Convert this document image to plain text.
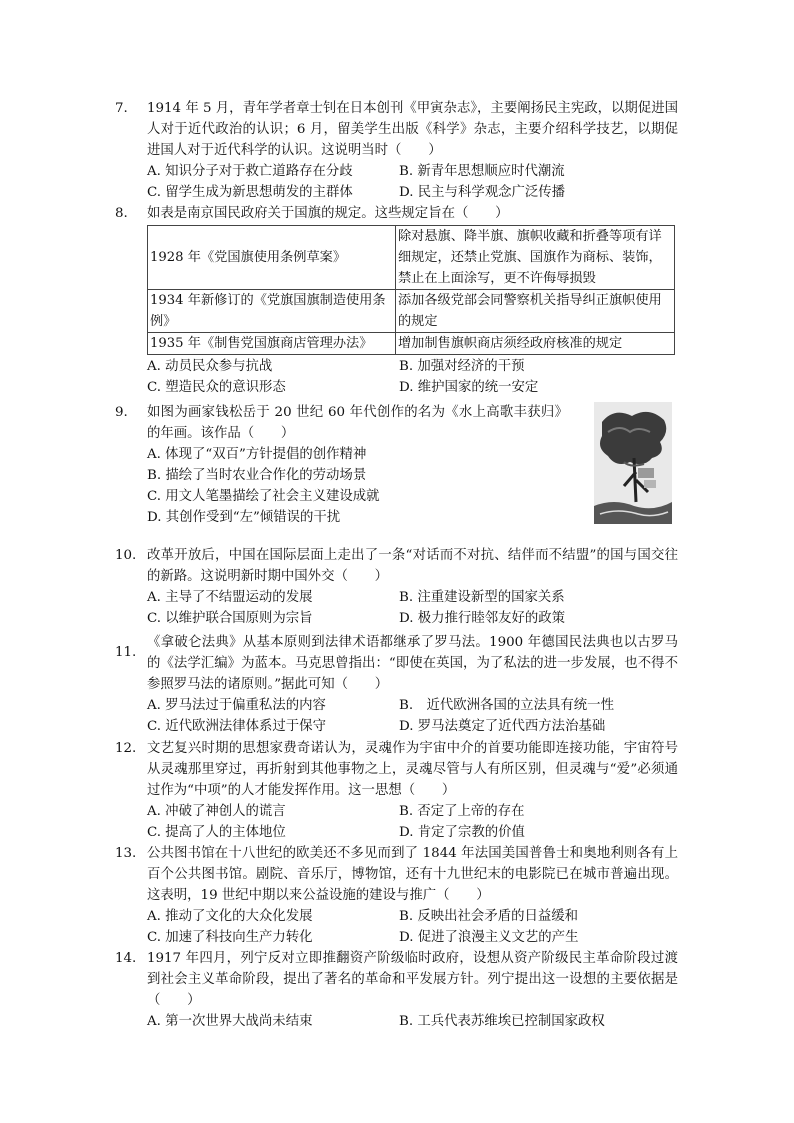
7.	1914 年 5 月，青年学者章士钊在日本创刊《甲寅杂志》，主要阐扬民主宪政，以期促进国人对于近代政治的认识；6 月，留美学生出版《科学》杂志，主要介绍科学技艺，以期促进国人对于近代科学的认识。这说明当时（　　）
A. 知识分子对于救亡道路存在分歧	B. 新青年思想顺应时代潮流
C. 留学生成为新思想萌发的主群体	D. 民主与科学观念广泛传播
8.	如表是南京国民政府关于国旗的规定。这些规定旨在（　　）
1928 年《党国旗使用条例草案》	除对悬旗、降半旗、旗帜收藏和折叠等项有详细规定，还禁止党旗、国旗作为商标、装饰，禁止在上面涂写，更不许侮辱损毁
1934 年新修订的《党旗国旗制造使用条例》	添加各级党部会同警察机关指导纠正旗帜使用的规定
1935 年《制售党国旗商店管理办法》	增加制售旗帜商店须经政府核准的规定
A. 动员民众参与抗战	B. 加强对经济的干预
C. 塑造民众的意识形态	D. 维护国家的统一安定
9.	如图为画家钱松岳于 20 世纪 60 年代创作的名为《水上高歌丰获归》的年画。该作品（　　）
A. 体现了“双百”方针提倡的创作精神
B. 描绘了当时农业合作化的劳动场景
C. 用文人笔墨描绘了社会主义建设成就
D. 其创作受到“左”倾错误的干扰
10. 改革开放后，中国在国际层面上走出了一条“对话而不对抗、结伴而不结盟”的国与国交往的新路。这说明新时期中国外交（　　）
A. 主导了不结盟运动的发展	B. 注重建设新型的国家关系
C. 以维护联合国原则为宗旨	D. 极力推行睦邻友好的政策
11.
《拿破仑法典》从基本原则到法律术语都继承了罗马法。1900 年德国民法典也以古罗马的《法学汇编》为蓝本。马克思曾指出：“即使在英国，为了私法的进一步发展，也不得不参照罗马法的诸原则。”据此可知（　　）
A. 罗马法过于偏重私法的内容	B.　近代欧洲各国的立法具有统一性
C. 近代欧洲法律体系过于保守	D. 罗马法奠定了近代西方法治基础
12. 文艺复兴时期的思想家费奇诺认为，灵魂作为宇宙中介的首要功能即连接功能，宇宙符号从灵魂那里穿过，再折射到其他事物之上，灵魂尽管与人有所区别，但灵魂与“爱”必须通过作为“中项”的人才能发挥作用。这一思想（　　）
A. 冲破了神创人的谎言	B. 否定了上帝的存在
C. 提高了人的主体地位	D. 肯定了宗教的价值
13. 公共图书馆在十八世纪的欧美还不多见而到了 1844 年法国美国普鲁士和奥地利则各有上百个公共图书馆。剧院、音乐厅，博物馆，还有十九世纪末的电影院已在城市普遍出现。这表明，19 世纪中期以来公益设施的建设与推广（　　）
A. 推动了文化的大众化发展	B. 反映出社会矛盾的日益缓和
C. 加速了科技向生产力转化	D. 促进了浪漫主义文艺的产生
14. 1917 年四月，列宁反对立即推翻资产阶级临时政府，设想从资产阶级民主革命阶段过渡到社会主义革命阶段，提出了著名的革命和平发展方针。列宁提出这一设想的主要依据是（　　）
A. 第一次世界大战尚未结束	B. 工兵代表苏维埃已控制国家政权
